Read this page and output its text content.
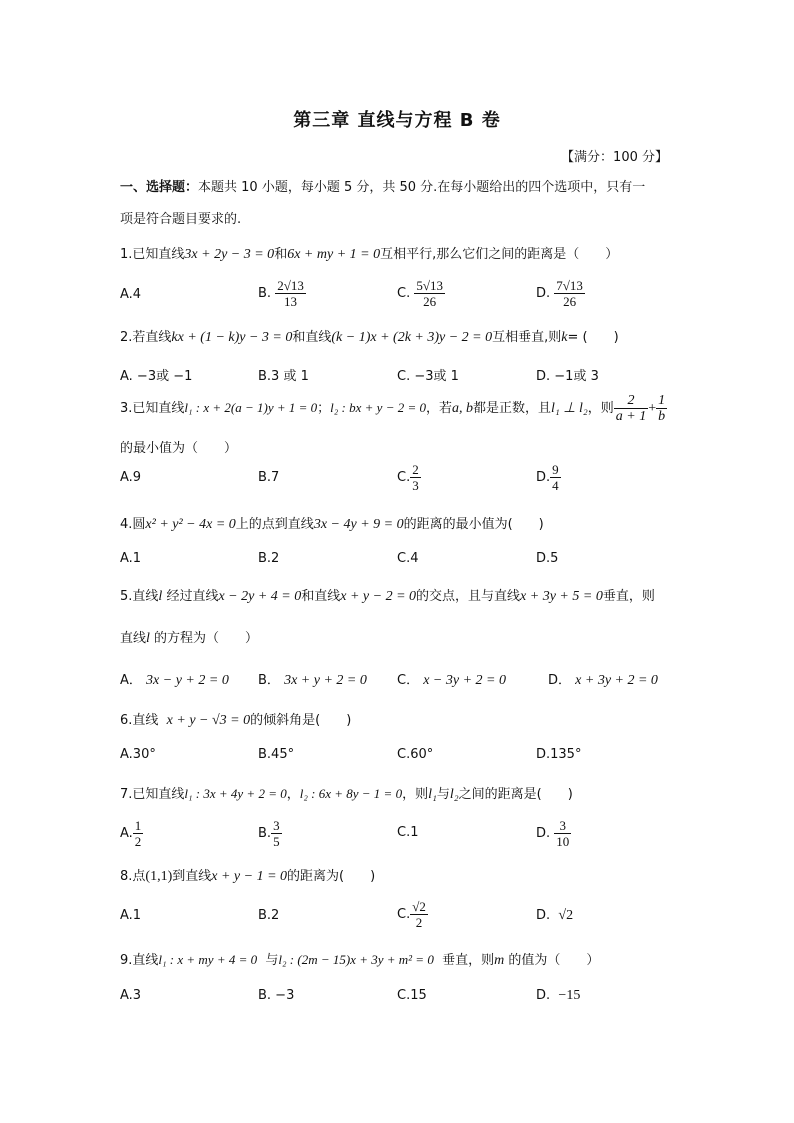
第三章 直线与方程 B 卷
【满分：100 分】
一、选择题：本题共 10 小题，每小题 5 分，共 50 分.在每小题给出的四个选项中，只有一
项是符合题目要求的.
1.已知直线3x + 2y − 3 = 0和6x + my + 1 = 0互相平行,那么它们之间的距离是（　　）
A.4	B. $\frac{2√13}{13}$	C. $\frac{5√13}{26}$	D. $\frac{7√13}{26}$
2.若直线kx + (1 − k)y − 3 = 0和直线(k − 1)x + (2k + 3)y − 2 = 0互相垂直,则k= (　　)
A. −3或 −1	B.3 或 1	C. −3或 1	D. −1或 3
3.已知直线l₁ : x + 2(a − 1)y + 1 = 0；l₂ : bx + y − 2 = 0，若a, b都是正数，且l₁ ⊥ l₂，则 $\frac{2}{a + 1} + \frac{1}{b}$
的最小值为（　　）
A.9	B.7	C. $\frac{2}{3}$	D. $\frac{9}{4}$
4.圆x² + y² − 4x = 0上的点到直线3x − 4y + 9 = 0的距离的最小值为(　　)
A.1	B.2	C.4	D.5
5.直线l 经过直线x − 2y + 4 = 0和直线x + y − 2 = 0的交点，且与直线x + 3y + 5 = 0垂直，则
直线l 的方程为（　　）
A． 3x − y + 2 = 0 B． 3x + y + 2 = 0 C． x − 3y + 2 = 0	D． x + 3y + 2 = 0
6.直线 x + y − √3 = 0的倾斜角是(　　)
A.30°	B.45°	C.60°	D.135°
7.已知直线l₁ : 3x + 4y + 2 = 0，l₂ : 6x + 8y − 1 = 0，则l₁与l₂之间的距离是(　　)
A. $\frac{1}{2}$	B. $\frac{3}{5}$	C.1	D. $\frac{3}{10}$
8.点(1,1)到直线x + y − 1 = 0的距离为(　　)
A.1	B.2	C. $\frac{√2}{2}$	D. √2
9.直线l₁ : x + my + 4 = 0 与l₂ : (2m − 15)x + 3y + m² = 0 垂直，则m 的值为（　　）
A.3	B. −3	C.15	D. −15
